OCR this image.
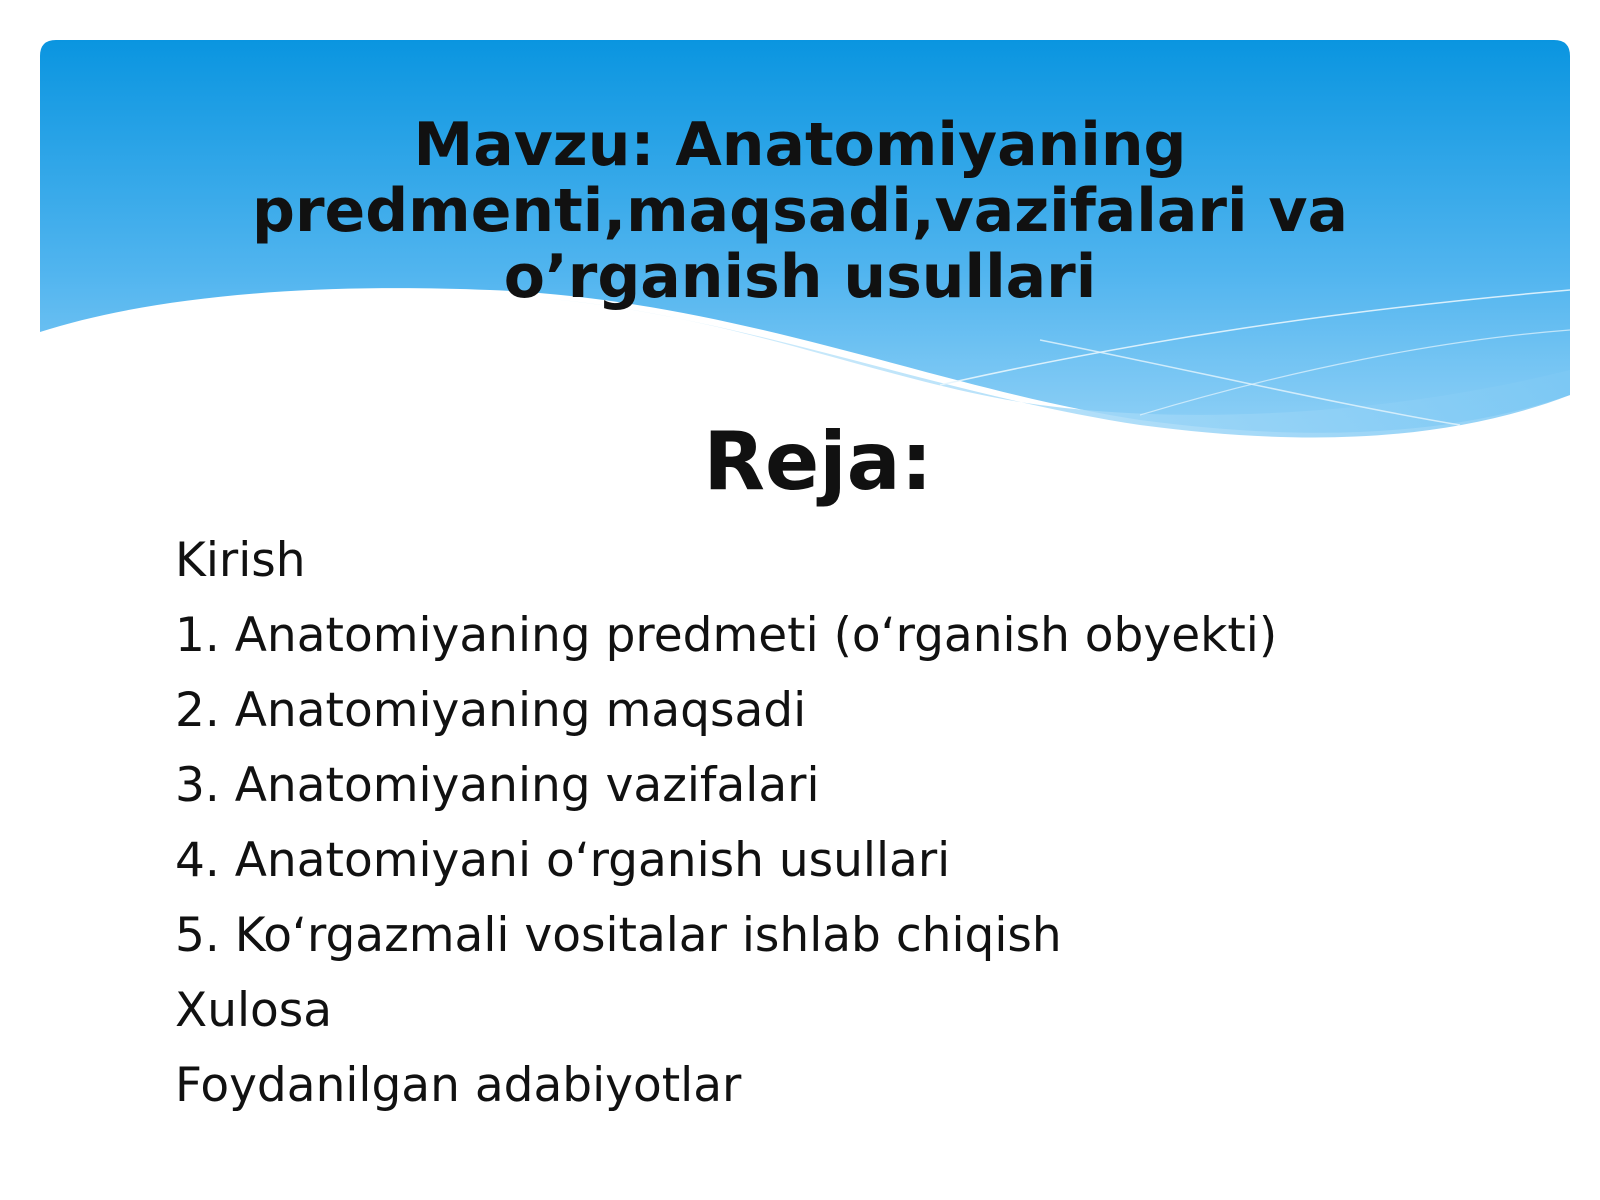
Mavzu: Anatomiyaning predmenti,maqsadi,vazifalari va o’rganish usullari
Reja:
Kirish
1. Anatomiyaning predmeti (o‘rganish obyekti)
2. Anatomiyaning maqsadi
3. Anatomiyaning vazifalari
4. Anatomiyani o‘rganish usullari
5. Ko‘rgazmali vositalar ishlab chiqish
Xulosa
Foydanilgan adabiyotlar
